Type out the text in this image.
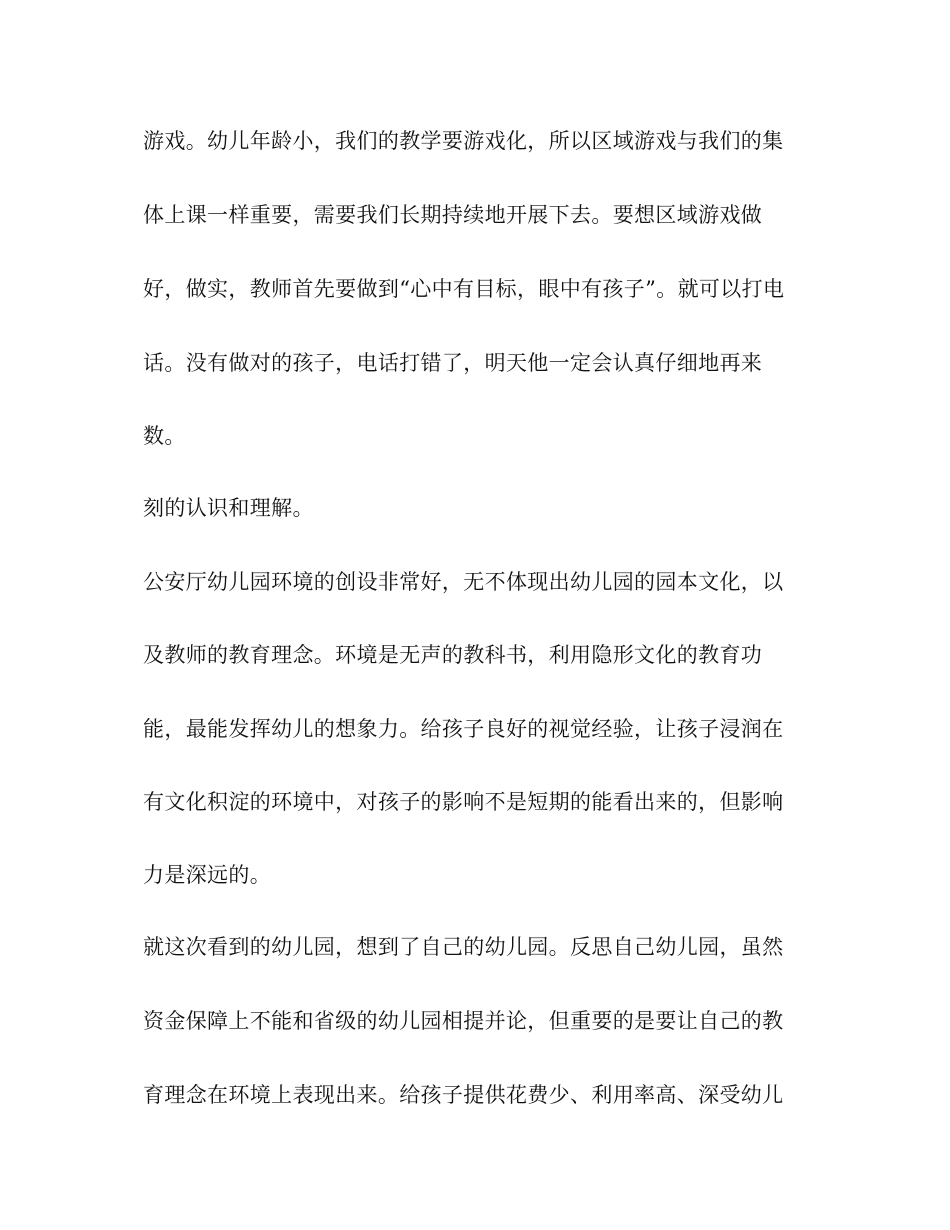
游戏。幼儿年龄小，我们的教学要游戏化，所以区域游戏与我们的集
体上课一样重要，需要我们长期持续地开展下去。要想区域游戏做
好，做实，教师首先要做到“心中有目标，眼中有孩子”。就可以打电
话。没有做对的孩子，电话打错了，明天他一定会认真仔细地再来
数。
刻的认识和理解。
公安厅幼儿园环境的创设非常好，无不体现出幼儿园的园本文化，以
及教师的教育理念。环境是无声的教科书，利用隐形文化的教育功
能，最能发挥幼儿的想象力。给孩子良好的视觉经验，让孩子浸润在
有文化积淀的环境中，对孩子的影响不是短期的能看出来的，但影响
力是深远的。
就这次看到的幼儿园，想到了自己的幼儿园。反思自己幼儿园，虽然
资金保障上不能和省级的幼儿园相提并论，但重要的是要让自己的教
育理念在环境上表现出来。给孩子提供花费少、利用率高、深受幼儿
